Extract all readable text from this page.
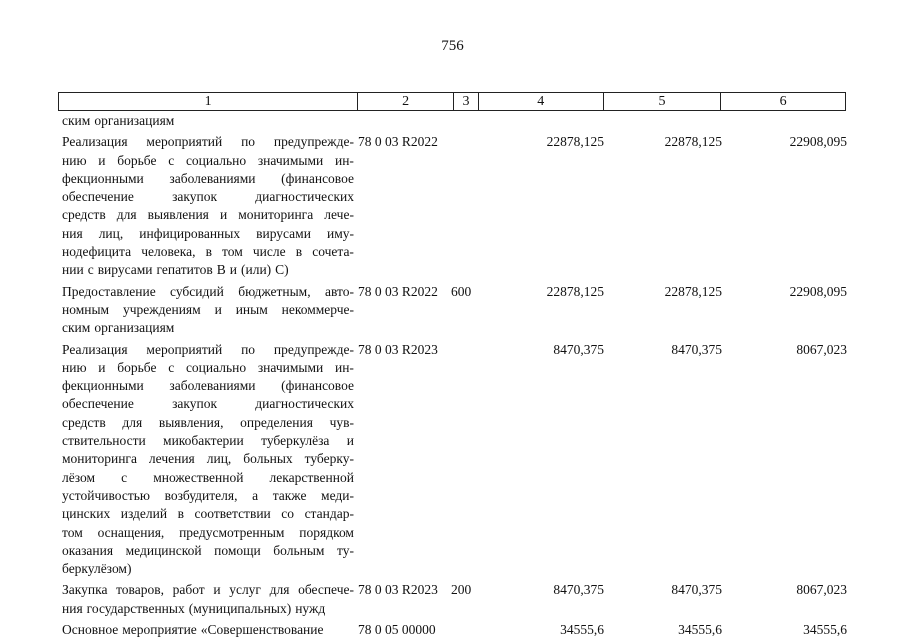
756
1	2	3	4	5	6
ским организациям
Реализация мероприятий по предупрежде-
нию и борьбе с социально значимыми ин-
фекционными заболеваниями (финансовое
обеспечение	закупок	диагностических
средств для выявления и мониторинга лече-
ния лиц, инфицированных вирусами иму-
нодефицита человека, в том числе в сочета-
нии с вирусами гепатитов В и (или) С)
78 0 03 R2022	22878,125	22878,125	22908,095
Предоставление субсидий бюджетным, авто-
номным учреждениям и иным некоммерче-
ским организациям
78 0 03 R2022 600	22878,125	22878,125	22908,095
Реализация мероприятий по предупрежде-
нию и борьбе с социально значимыми ин-
фекционными заболеваниями (финансовое
обеспечение	закупок	диагностических
средств для выявления, определения чув-
ствительности микобактерии туберкулёза и
мониторинга лечения лиц, больных туберку-
лёзом с множественной лекарственной
устойчивостью возбудителя, а также меди-
цинских изделий в соответствии со стандар-
том оснащения, предусмотренным порядком
оказания медицинской помощи больным ту-
беркулёзом)
78 0 03 R2023	8470,375	8470,375	8067,023
Закупка товаров, работ и услуг для обеспече-
ния государственных (муниципальных) нужд
78 0 03 R2023 200	8470,375	8470,375	8067,023
Основное мероприятие «Совершенствование	78 0 05 00000	34555,6	34555,6	34555,6
